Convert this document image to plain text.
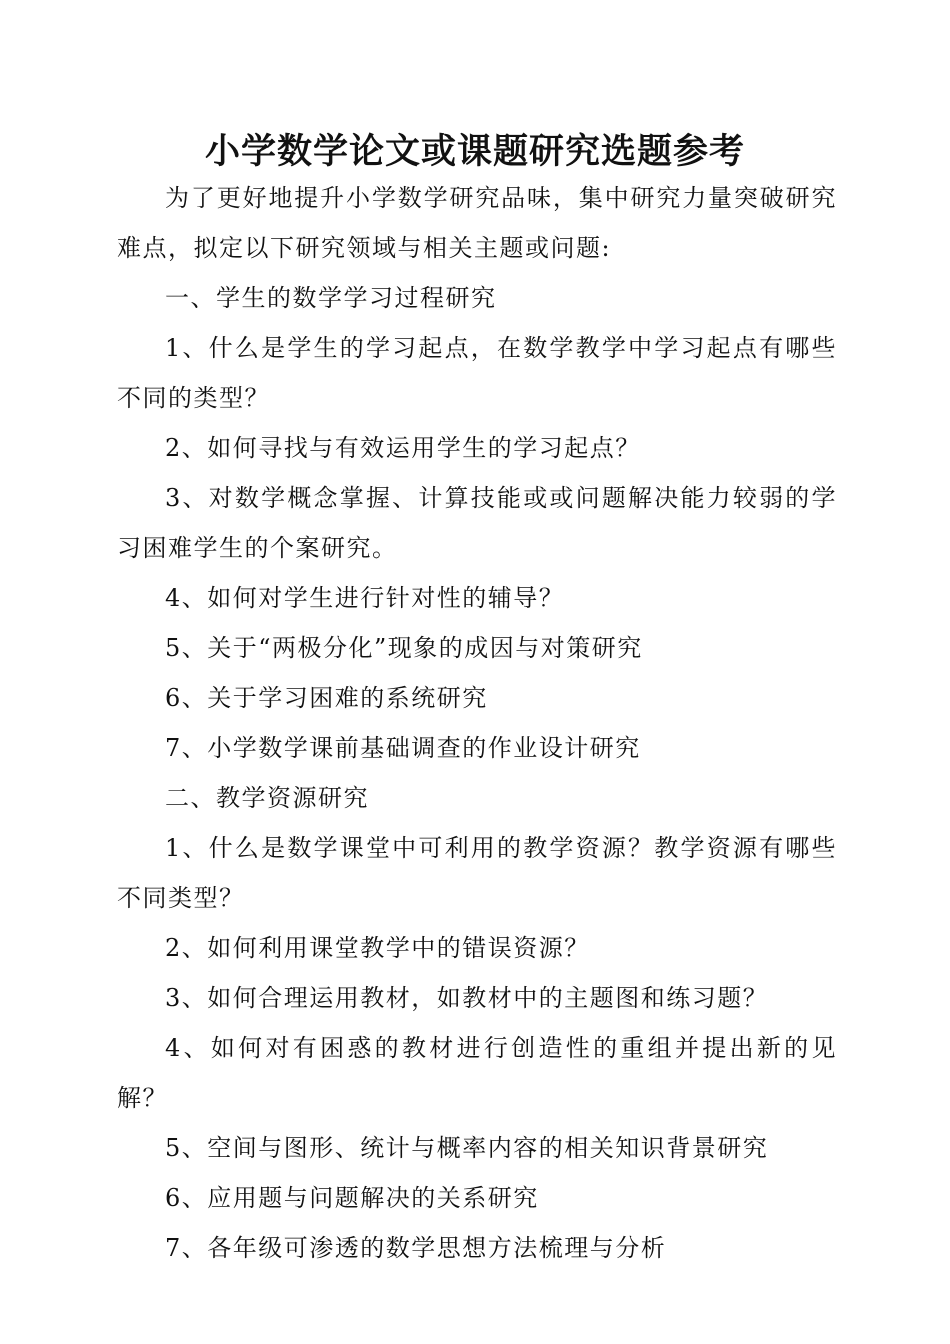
小学数学论文或课题研究选题参考

为了更好地提升小学数学研究品味，集中研究力量突破研究难点，拟定以下研究领域与相关主题或问题:

一、学生的数学学习过程研究

1、什么是学生的学习起点，在数学教学中学习起点有哪些不同的类型？

2、如何寻找与有效运用学生的学习起点？

3、对数学概念掌握、计算技能或或问题解决能力较弱的学习困难学生的个案研究。

4、如何对学生进行针对性的辅导？

5、关于“两极分化”现象的成因与对策研究

6、关于学习困难的系统研究

7、小学数学课前基础调查的作业设计研究

二、教学资源研究

1、什么是数学课堂中可利用的教学资源？教学资源有哪些不同类型？

2、如何利用课堂教学中的错误资源？

3、如何合理运用教材，如教材中的主题图和练习题？

4、如何对有困惑的教材进行创造性的重组并提出新的见解？

5、空间与图形、统计与概率内容的相关知识背景研究

6、应用题与问题解决的关系研究

7、各年级可渗透的数学思想方法梳理与分析
